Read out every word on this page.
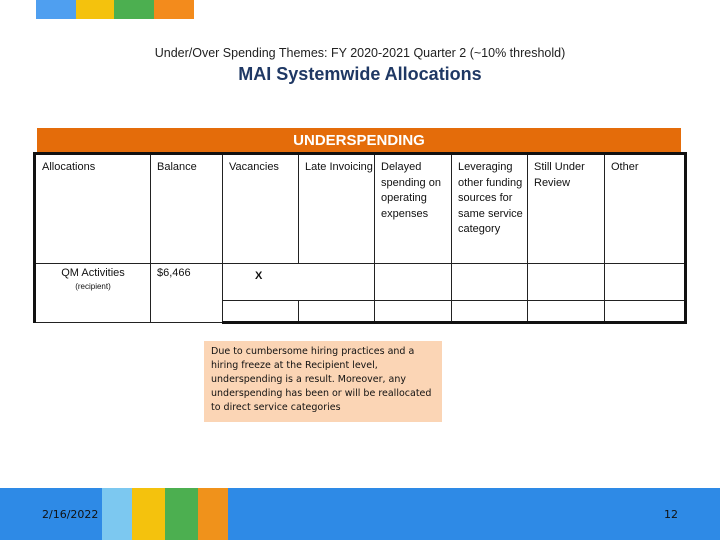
Under/Over Spending Themes: FY 2020-2021 Quarter 2 (~10% threshold)
MAI Systemwide Allocations
UNDERSPENDING
Allocations	Balance	Vacancies	Late Invoicing	Delayed spending on operating expenses	Leveraging other funding sources for same service category	Still Under Review	Other

QM Activities
(recipient)	$6,466	X					

Due to cumbersome hiring practices and a hiring freeze at the Recipient level, underspending is a result. Moreover, any underspending has been or will be reallocated to direct service categories
2/16/2022	12
